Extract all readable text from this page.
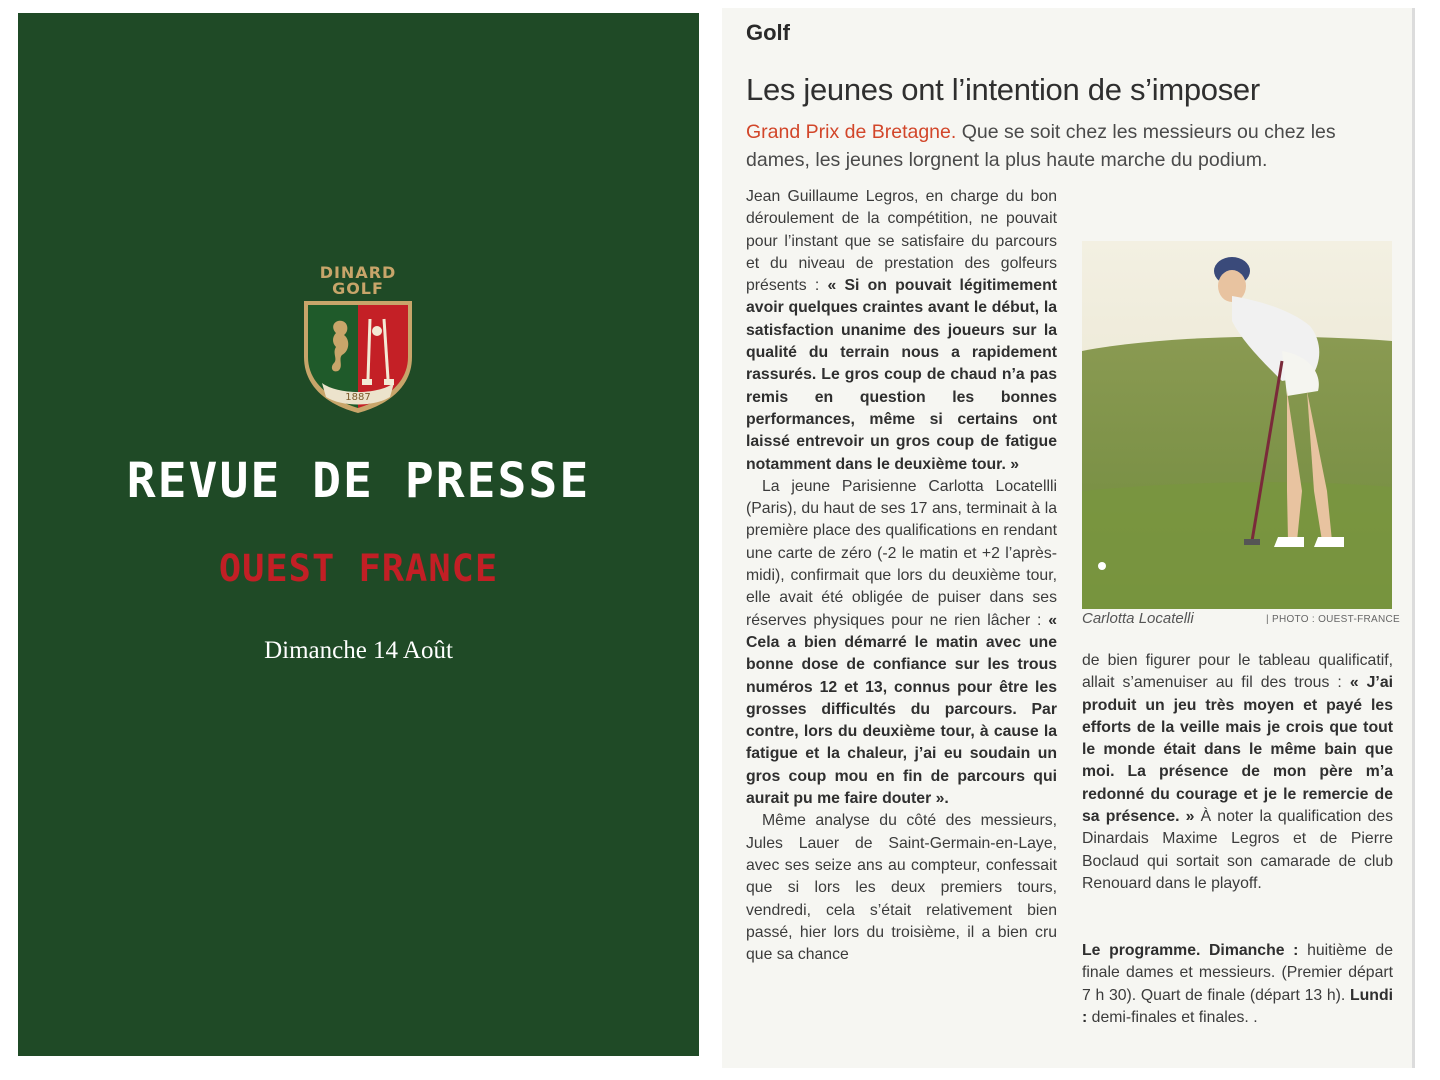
DINARD
GOLF
1887
REVUE DE PRESSE
OUEST FRANCE
Dimanche 14 Août
Golf
Les jeunes ont l’intention de s’imposer
Grand Prix de Bretagne. Que se soit chez les messieurs ou chez les dames, les jeunes lorgnent la plus haute marche du podium.

Jean Guillaume Legros, en charge du bon déroulement de la compétition, ne pouvait pour l’instant que se satisfaire du parcours et du niveau de prestation des golfeurs présents : « Si on pouvait légitimement avoir quelques craintes avant le début, la satisfaction unanime des joueurs sur la qualité du terrain nous a rapidement rassurés. Le gros coup de chaud n’a pas remis en question les bonnes performances, même si certains ont laissé entrevoir un gros coup de fatigue notamment dans le deuxième tour. »

La jeune Parisienne Carlotta Locatellli (Paris), du haut de ses 17 ans, terminait à la première place des qualifications en rendant une carte de zéro (-2 le matin et +2 l’après-midi), confirmait que lors du deuxième tour, elle avait été obligée de puiser dans ses réserves physiques pour ne rien lâcher : « Cela a bien démarré le matin avec une bonne dose de confiance sur les trous numéros 12 et 13, connus pour être les grosses difficultés du parcours. Par contre, lors du deuxième tour, à cause la fatigue et la chaleur, j’ai eu soudain un gros coup mou en fin de parcours qui aurait pu me faire douter ».

Même analyse du côté des messieurs, Jules Lauer de Saint-Germain-en-Laye, avec ses seize ans au compteur, confessait que si lors les deux premiers tours, vendredi, cela s’était relativement bien passé, hier lors du troisième, il a bien cru que sa chance

Carlotta Locatelli	| PHOTO : OUEST-FRANCE

de bien figurer pour le tableau qualificatif, allait s’amenuiser au fil des trous : « J’ai produit un jeu très moyen et payé les efforts de la veille mais je crois que tout le monde était dans le même bain que moi. La présence de mon père m’a redonné du courage et je le remercie de sa présence. » À noter la qualification des Dinardais Maxime Legros et de Pierre Boclaud qui sortait son camarade de club Renouard dans le playoff.

Le programme. Dimanche : huitième de finale dames et messieurs. (Premier départ 7 h 30). Quart de finale (départ 13 h). Lundi : demi-finales et finales. .
